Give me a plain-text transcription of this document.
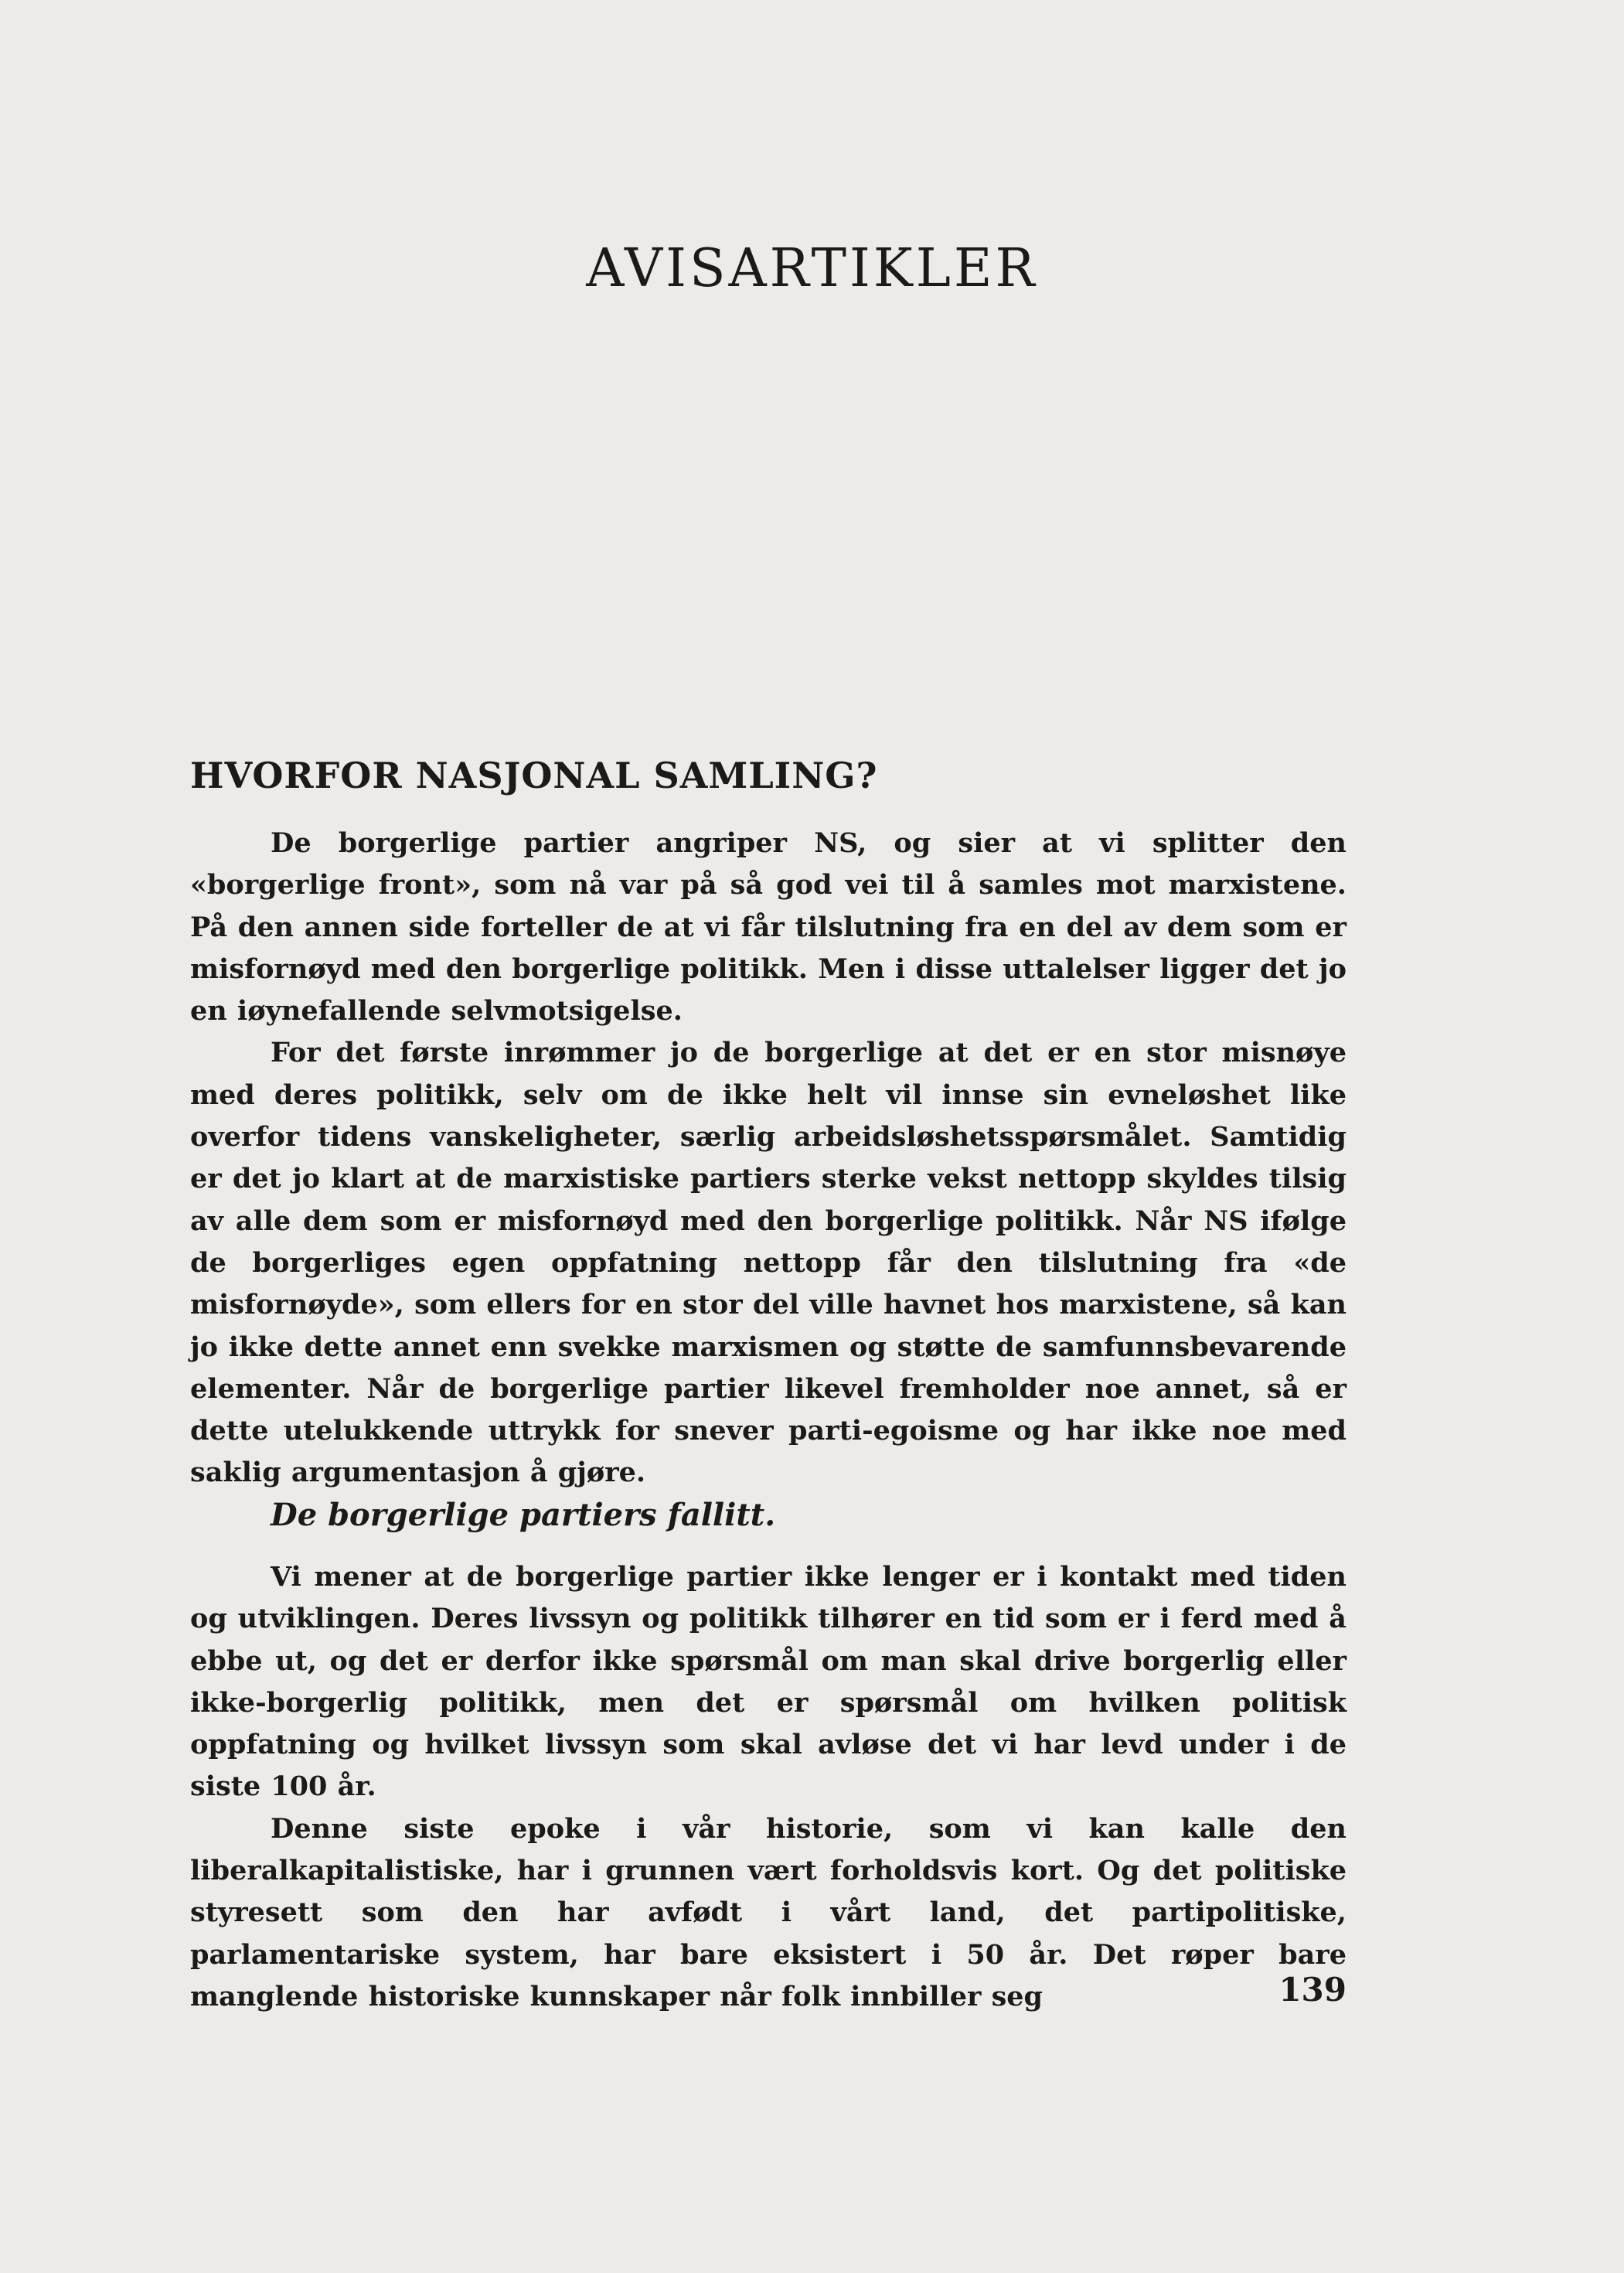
AVISARTIKLER
HVORFOR NASJONAL SAMLING?

De borgerlige partier angriper NS, og sier at vi splitter den «borgerlige front», som nå var på så god vei til å samles mot marxistene. På den annen side forteller de at vi får tilslutning fra en del av dem som er misfornøyd med den borgerlige politikk. Men i disse uttalelser ligger det jo en iøynefallende selvmotsigelse.

For det første inrømmer jo de borgerlige at det er en stor misnøye med deres politikk, selv om de ikke helt vil innse sin evneløshet like overfor tidens vanskeligheter, særlig arbeidsløshetsspørsmålet. Samtidig er det jo klart at de marxistiske partiers sterke vekst nettopp skyldes tilsig av alle dem som er misfornøyd med den borgerlige politikk. Når NS ifølge de borgerliges egen oppfatning nettopp får den tilslutning fra «de misfornøyde», som ellers for en stor del ville havnet hos marxistene, så kan jo ikke dette annet enn svekke marxismen og støtte de samfunnsbevarende elementer. Når de borgerlige partier likevel fremholder noe annet, så er dette utelukkende uttrykk for snever parti-egoisme og har ikke noe med saklig argumentasjon å gjøre.

De borgerlige partiers fallitt.

Vi mener at de borgerlige partier ikke lenger er i kontakt med tiden og utviklingen. Deres livssyn og politikk tilhører en tid som er i ferd med å ebbe ut, og det er derfor ikke spørsmål om man skal drive borgerlig eller ikke-borgerlig politikk, men det er spørsmål om hvilken politisk oppfatning og hvilket livssyn som skal avløse det vi har levd under i de siste 100 år.

Denne siste epoke i vår historie, som vi kan kalle den liberalkapitalistiske, har i grunnen vært forholdsvis kort. Og det politiske styresett som den har avfødt i vårt land, det partipolitiske, parlamentariske system, har bare eksistert i 50 år. Det røper bare manglende historiske kunnskaper når folk innbiller seg	139
